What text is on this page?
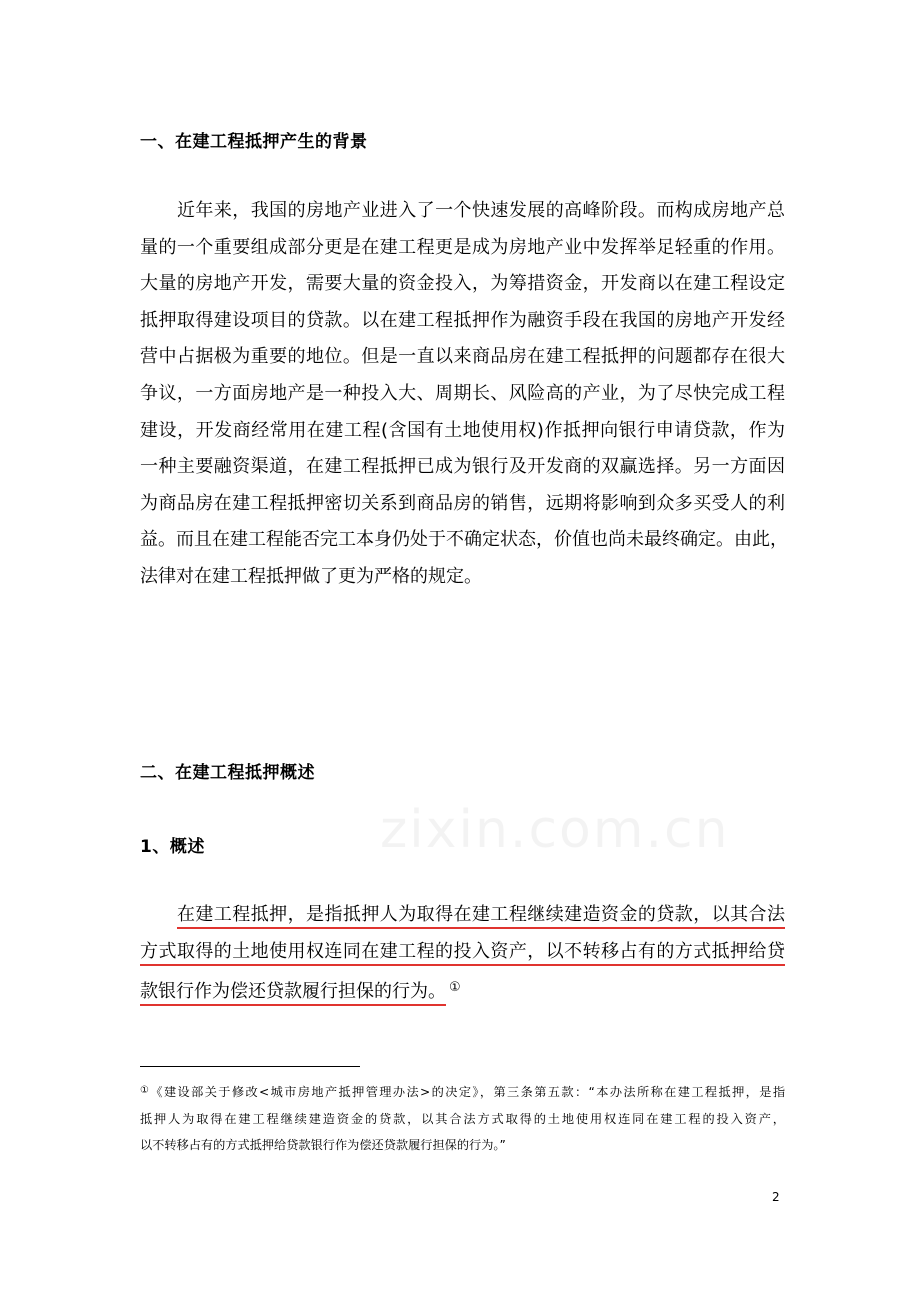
一、在建工程抵押产生的背景

近年来，我国的房地产业进入了一个快速发展的高峰阶段。而构成房地产总
量的一个重要组成部分更是在建工程更是成为房地产业中发挥举足轻重的作用。
大量的房地产开发，需要大量的资金投入，为筹措资金，开发商以在建工程设定
抵押取得建设项目的贷款。以在建工程抵押作为融资手段在我国的房地产开发经
营中占据极为重要的地位。但是一直以来商品房在建工程抵押的问题都存在很大
争议，一方面房地产是一种投入大、周期长、风险高的产业，为了尽快完成工程
建设，开发商经常用在建工程(含国有土地使用权)作抵押向银行申请贷款，作为
一种主要融资渠道，在建工程抵押已成为银行及开发商的双赢选择。另一方面因
为商品房在建工程抵押密切关系到商品房的销售，远期将影响到众多买受人的利
益。而且在建工程能否完工本身仍处于不确定状态，价值也尚未最终确定。由此，
法律对在建工程抵押做了更为严格的规定。

二、在建工程抵押概述
1、概述

在建工程抵押，是指抵押人为取得在建工程继续建造资金的贷款，以其合法
方式取得的土地使用权连同在建工程的投入资产，以不转移占有的方式抵押给贷
款银行作为偿还贷款履行担保的行为。 ①

①《建设部关于修改<城市房地产抵押管理办法>的决定》，第三条第五款：“本办法所称在建工程抵押，是指
抵押人为取得在建工程继续建造资金的贷款，以其合法方式取得的土地使用权连同在建工程的投入资产，
以不转移占有的方式抵押给贷款银行作为偿还贷款履行担保的行为。”

2
